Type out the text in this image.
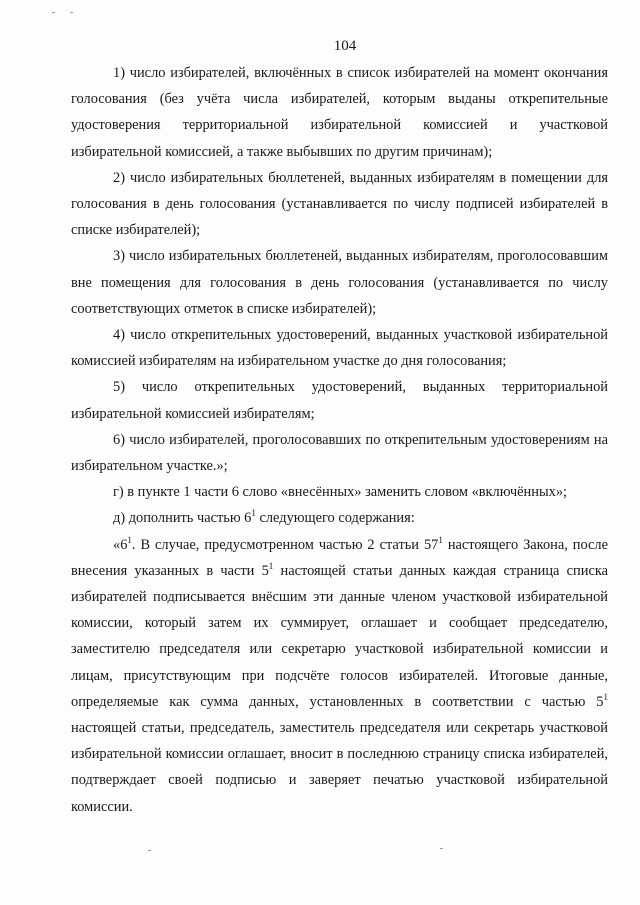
104

1) число избирателей, включённых в список избирателей на момент окончания голосования (без учёта числа избирателей, которым выданы открепительные удостоверения территориальной избирательной комиссией и участковой избирательной комиссией, а также выбывших по другим причинам);

2) число избирательных бюллетеней, выданных избирателям в помещении для голосования в день голосования (устанавливается по числу подписей избирателей в списке избирателей);

3) число избирательных бюллетеней, выданных избирателям, проголосовавшим вне помещения для голосования в день голосования (устанавливается по числу соответствующих отметок в списке избирателей);

4) число открепительных удостоверений, выданных участковой избирательной комиссией избирателям на избирательном участке до дня голосования;

5) число открепительных удостоверений, выданных территориальной избирательной комиссией избирателям;

6) число избирателей, проголосовавших по открепительным удостоверениям на избирательном участке.»;

г) в пункте 1 части 6 слово «внесённых» заменить словом «включённых»;

д) дополнить частью $6^1$ следующего содержания:

«$6^1$. В случае, предусмотренном частью 2 статьи $57^1$ настоящего Закона, после внесения указанных в части $5^1$ настоящей статьи данных каждая страница списка избирателей подписывается внёсшим эти данные членом участковой избирательной комиссии, который затем их суммирует, оглашает и сообщает председателю, заместителю председателя или секретарю участковой избирательной комиссии и лицам, присутствующим при подсчёте голосов избирателей. Итоговые данные, определяемые как сумма данных, установленных в соответствии с частью $5^1$ настоящей статьи, председатель, заместитель председателя или секретарь участковой избирательной комиссии оглашает, вносит в последнюю страницу списка избирателей, подтверждает своей подписью и заверяет печатью участковой избирательной комиссии.
